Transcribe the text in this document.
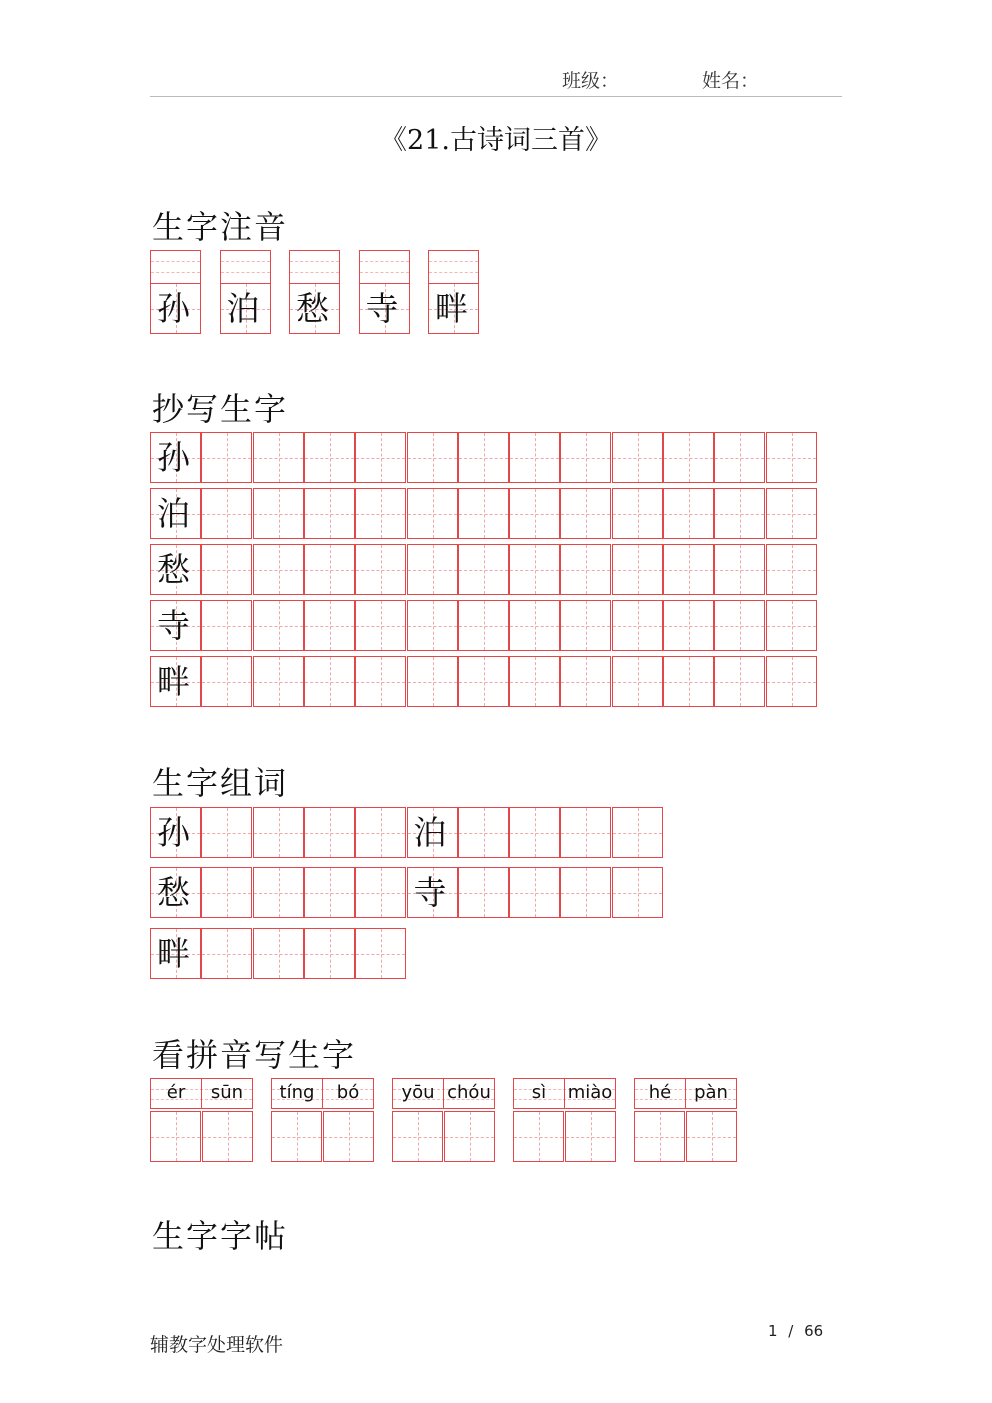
班级：	姓名：
《21.古诗词三首》
生字注音
孙 泊 愁 寺 畔
抄写生字
孙
泊
愁
寺
畔
生字组词
孙	泊
愁	寺
畔
看拼音写生字
ér	sūn	tíng	bó	yōu chóu	sì	miào	hé	pàn
生字字帖
辅教字处理软件
1 / 66
